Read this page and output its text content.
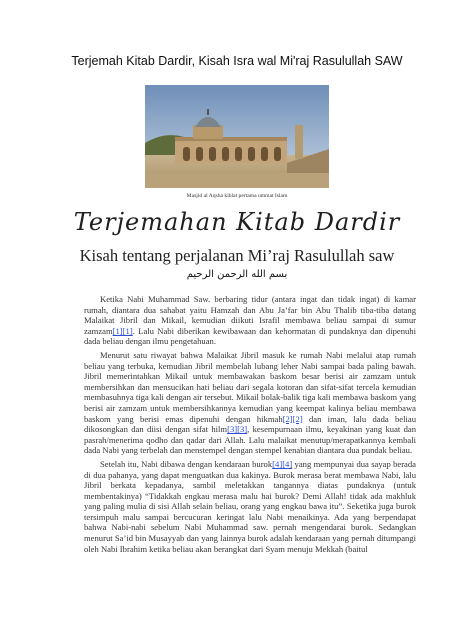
Terjemah Kitab Dardir, Kisah Isra wal Mi'raj Rasulullah SAW
Masjid al Aqsha kiblat pertama ummat Islam
Terjemahan Kitab Dardir
Kisah tentang perjalanan Mi’raj Rasulullah saw
بسم الله الرحمن الرحيم

Ketika Nabi Muhammad Saw. berbaring tidur (antara ingat dan tidak ingat) di kamar rumah, diantara dua sahabat yaitu Hamzah dan Abu Ja’far bin Abu Thalib tiba-tiba datang Malaikat Jibril dan Mikail, kemudian diikuti Israfil membawa beliau sampai di sumur zamzam[1][1]. Lalu Nabi diberikan kewibawaan dan kehormatan di pundaknya dan dipenuhi dada beliau dengan ilmu pengetahuan.

Menurut satu riwayat bahwa Malaikat Jibril masuk ke rumah Nabi melalui atap rumah beliau yang terbuka, kemudian Jibril membelah lubang leher Nabi sampai bada paling bawah. Jibril memerintahkan Mikail untuk membawakan baskom besar berisi air zamzam untuk membersihkan dan mensucikan hati beliau dari segala kotoran dan sifat-sifat tercela kemudian membasuhnya tiga kali dengan air tersebut. Mikail bolak-balik tiga kali membawa baskom yang berisi air zamzam untuk membersihkannya kemudian yang keempat kalinya beliau membawa baskom yang berisi emas dipenuhi dengan hikmah[2][2] dan iman, lalu dada beliau dikosongkan dan diisi dengan sifat hilm[3][3], kesempurnaan ilmu, keyakinan yang kuat dan pasrah/menerima qodho dan qadar dari Allah. Lalu malaikat menutup/merapatkannya kembali dada Nabi yang terbelah dan menstempel dengan stempel kenabian diantara dua pundak beliau.

Setelah itu, Nabi dibawa dengan kendaraan burok[4][4] yang mempunyai dua sayap berada di dua pahanya, yang dapat menguatkan dua kakinya. Burok merasa berat membawa Nabi, lalu Jibril berkata kepadanya, sambil meletakkan tangannya diatas pundaknya (untuk membentakinya) “Tidakkah engkau merasa malu hai burok? Demi Allah! tidak ada makhluk yang paling mulia di sisi Allah selain beliau, orang yang engkau bawa itu”. Seketika juga burok tersimpuh malu sampai bercucuran keringat lalu Nabi menaikinya. Ada yang berpendapat bahwa Nabi-nabi sebelum Nabi Muhammad saw. pernah mengendarai burok. Sedangkan menurut Sa’id bin Musayyab dan yang lainnya burok adalah kendaraan yang pernah ditumpangi oleh Nabi Ibrahim ketika beliau akan berangkat dari Syam menuju Mekkah (baitul
